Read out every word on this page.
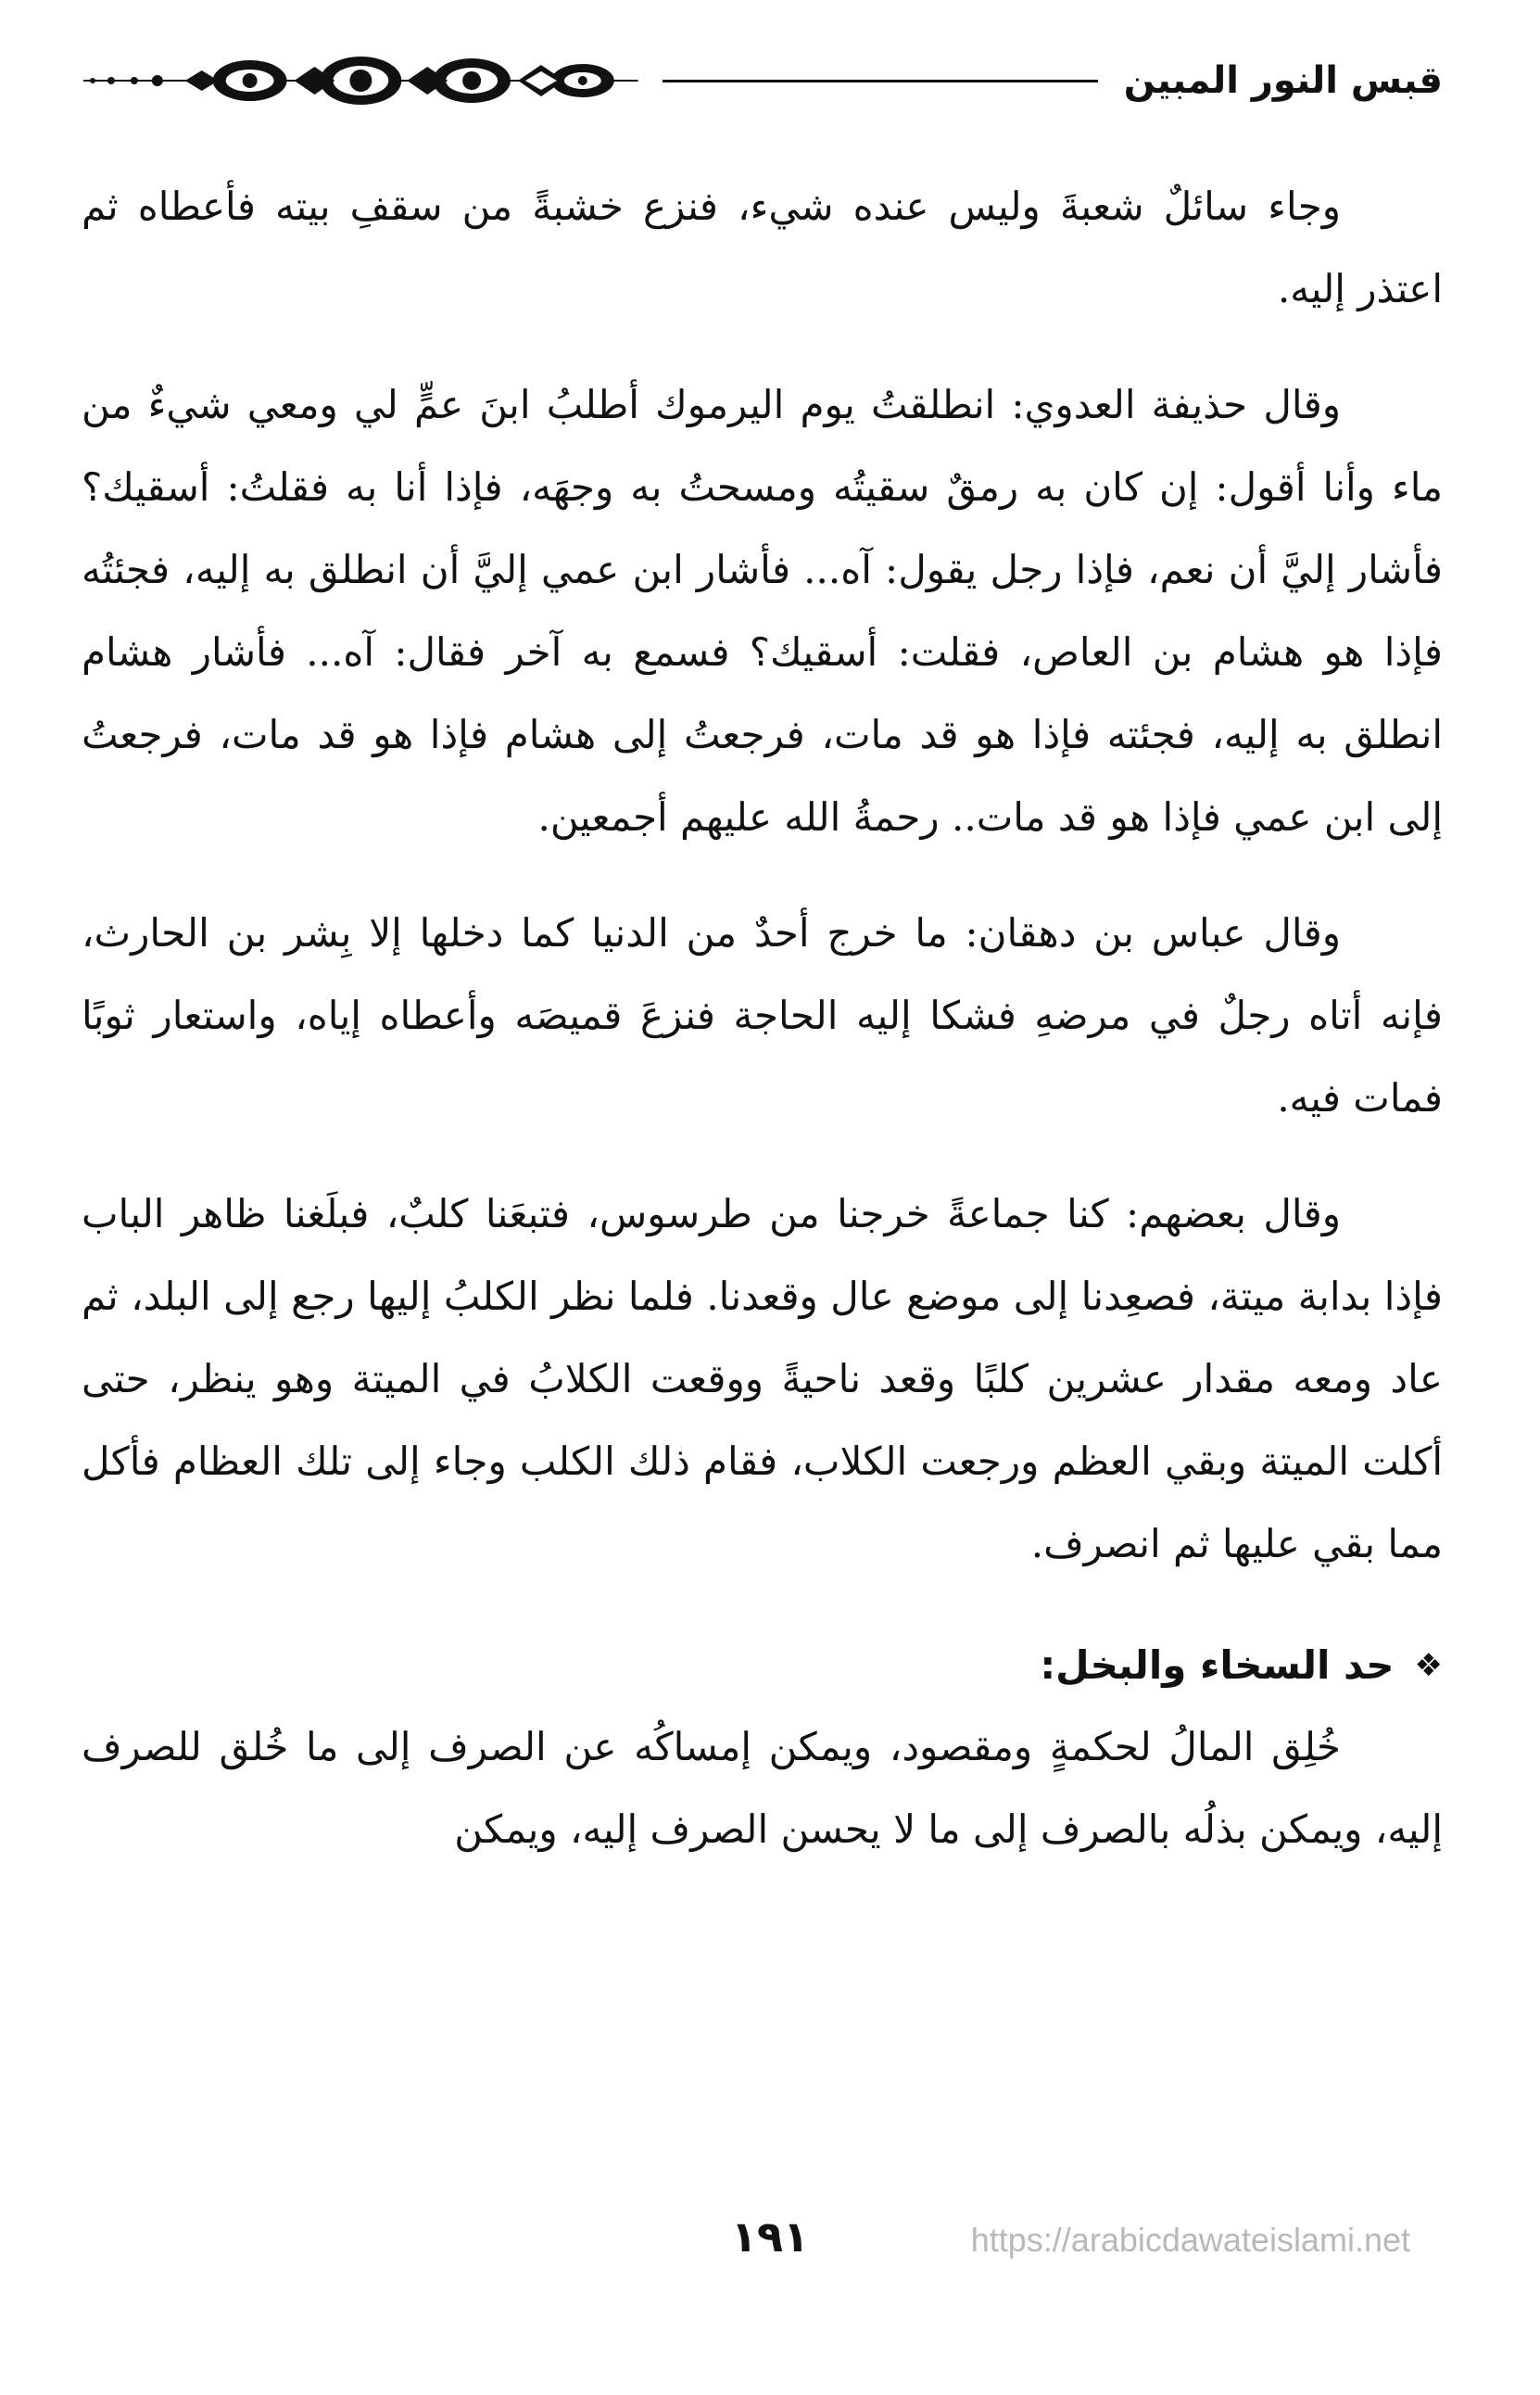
قبس النور المبين

وجاء سائلٌ شعبةَ وليس عنده شيء، فنزع خشبةً من سقفِ بيته فأعطاه ثم اعتذر إليه.

وقال حذيفة العدوي: انطلقتُ يوم اليرموك أطلبُ ابنَ عمٍّ لي ومعي شيءٌ من ماء وأنا أقول: إن كان به رمقٌ سقيتُه ومسحتُ به وجهَه، فإذا أنا به فقلتُ: أسقيك؟ فأشار إليَّ أن نعم، فإذا رجل يقول: آه... فأشار ابن عمي إليَّ أن انطلق به إليه، فجئتُه فإذا هو هشام بن العاص، فقلت: أسقيك؟ فسمع به آخر فقال: آه... فأشار هشام انطلق به إليه، فجئته فإذا هو قد مات، فرجعتُ إلى هشام فإذا هو قد مات، فرجعتُ إلى ابن عمي فإذا هو قد مات.. رحمةُ الله عليهم أجمعين.

وقال عباس بن دهقان: ما خرج أحدٌ من الدنيا كما دخلها إلا بِشر بن الحارث، فإنه أتاه رجلٌ في مرضهِ فشكا إليه الحاجة فنزعَ قميصَه وأعطاه إياه، واستعار ثوبًا فمات فيه.

وقال بعضهم: كنا جماعةً خرجنا من طرسوس، فتبعَنا كلبٌ، فبلَغنا ظاهر الباب فإذا بدابة ميتة، فصعِدنا إلى موضع عال وقعدنا. فلما نظر الكلبُ إليها رجع إلى البلد، ثم عاد ومعه مقدار عشرين كلبًا وقعد ناحيةً ووقعت الكلابُ في الميتة وهو ينظر، حتى أكلت الميتة وبقي العظم ورجعت الكلاب، فقام ذلك الكلب وجاء إلى تلك العظام فأكل مما بقي عليها ثم انصرف.

❖
حد السخاء والبخل:

خُلِق المالُ لحكمةٍ ومقصود، ويمكن إمساكُه عن الصرف إلى ما خُلق للصرف إليه، ويمكن بذلُه بالصرف إلى ما لا يحسن الصرف إليه، ويمكن

١٩١	https://arabicdawateislami.net
